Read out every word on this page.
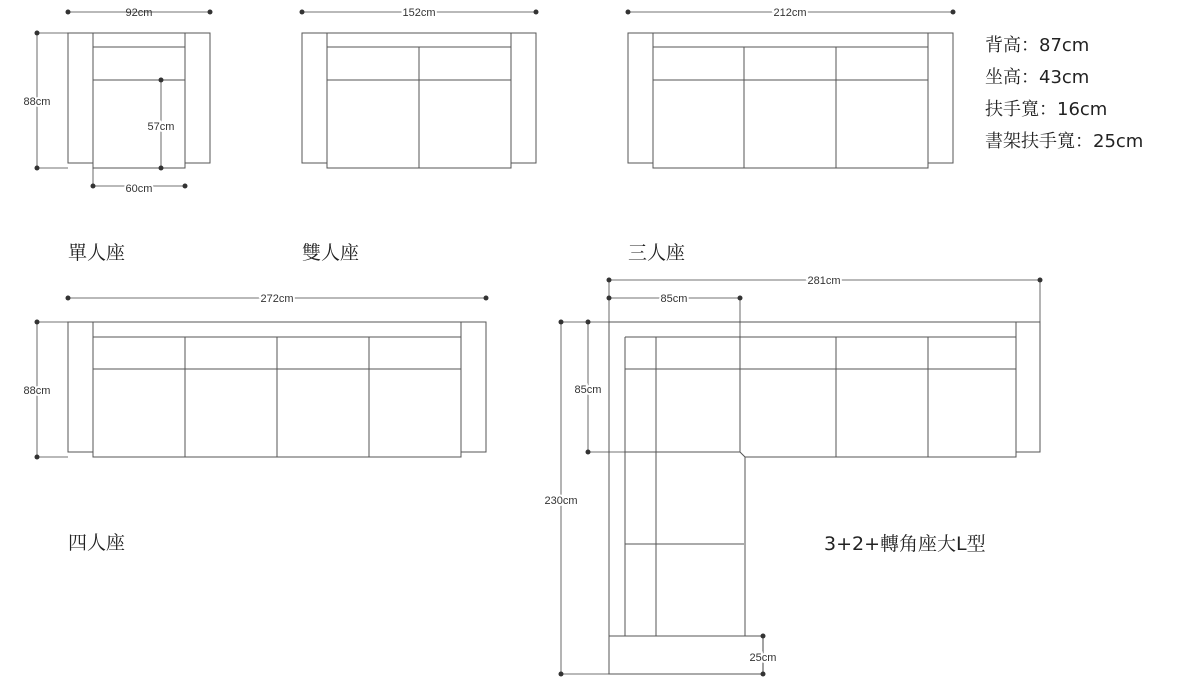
92cm
88cm
57cm
60cm
152cm	212cm
272cm
88cm
281cm
85cm
85cm
230cm
25cm
單人座	雙人座	三人座
四人座	3+2+轉角座大L型
背高：87cm
坐高：43cm
扶手寬：16cm
書架扶手寬：25cm
